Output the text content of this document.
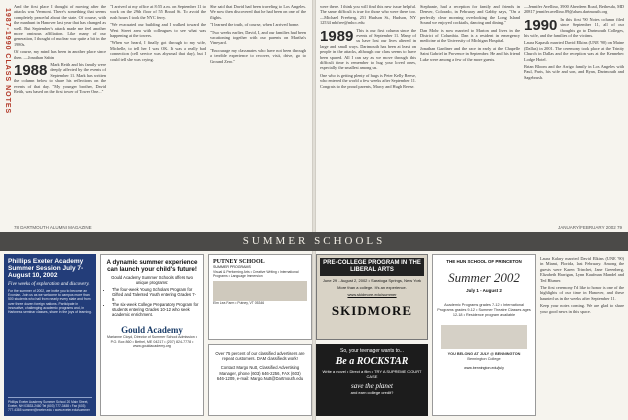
1987-1990 CLASS NOTES

And the first place I thought of moving after the attacks was Vermont. There's something that seems completely peaceful about the state. Of course, with the manhunt in Hanover last year that has changed as well. But September's attack made me feel another more ominous affiliation. Like many of our generation, I thought of nuclear war quite a bit in the 1980s.

Of course, my mind has been in another place since then. —Jonathan Sabin

1988 Mark Reith and his family were deeply affected by the events of September 11. Mark has written the column below to share his reflections on the events of that day. "My younger brother, David Reith, was based on the first tower of Tower One..."

"I arrived at my office at 8:55 a.m. on September 11 to work on the 29th floor of 55 Broad St. To avoid the rush hours I took the NYC ferry.

"We evacuated our building and I walked toward the West Street area with colleagues to see what was happening at the towers.

"When we heard, I finally got through to my wife, Michelle, to tell her I was OK. It was a really bad connection (cell service was abysmal that day), but I could tell she was crying.

She said that David had been traveling to Los Angeles. We now then discovered that he had been on one of the flights.

"I learned the truth, of course, when I arrived home.

"Two weeks earlier, David, I, and our families had been vacationing together with our parents on Martha's Vineyard.

"Encourage my classmates who have not been through a terrible experience to recover, visit, drive, go to Ground Zero."

78 DARTMOUTH ALUMNI MAGAZINE

were there. I think you will find this new issue helpful. The same difficult is true for those who were there too. —Michael Freeberg, 251 Hudson St., Hudson, NY 12534 mbfree@mhcc.edu

1989 This is our first column since the events of September 11. Many of us have lost our lives altered in large and small ways. Dartmouth has been at least on people in the attacks, although our class seems to have been spared. All I can say as we move through this difficult time is remember to hug your loved ones, especially the smallest among us.

One who is getting plenty of hugs is Peter Kelly Reese, who entered the world a few weeks after September 11. Congrats to the proud parents, Marcy and Hugh Reese.

Stephanie, had a reception for family and friends in Denver, Colorado, in February and Gabby says, "On a perfectly clear morning overlooking the Long Island Sound we enjoyed cocktails, dancing and dining."

Dan Mohr is now married to Marion and lives in the District of Columbia. Dan is a resident in emergency medicine at the University of Michigan Hospital.

Jonathan Gardiner and the race in early at the Chapelle Saint Gabriel in Provence in September. He and his friend Luke were among a few of the more guests.

—Jennifer Avellino, 3900 Aberdeen Road, Bethesda, MD 20817 jennifer.avellino.89@alum.dartmouth.org

1990 In this first '90 Notes column filed since September 11, all of our thoughts go to Dartmouth Colleges, his wife, and the families of the victims.

Laura Kapasik married David Elkins (UNE '90) on Maine (Dallas) in 2001. The ceremony took place at the Trinity Church in Dallas and the reception was at the Kennebec Lodge Hotel.

Brian Bloom and the Arrigo family in Los Angeles with Paul, Paris, his wife and son, and Ryan, Dartmouth and Sagebrush.

JANUARY/FEBRUARY 2002 79
SUMMER SCHOOLS
Phillips Exeter Academy
Summer Session July 7-August 10, 2002
Five weeks of exploration and discovery.
For the summer of 2002, we invite you to become an Exonian. Join us as we welcome to campus more than 500 students who hail from nearly every state and from over three dozen foreign nations. Participate in innovative, challenging academic programs and, in Harkness seminar classes, share in the joys of learning.
Phillips Exeter Academy Summer School 20 Main Street, Exeter, NH 03833-2460 Tel (603) 777-3488 • Fax (603) 777-4385 summer@exeter.edu • www.exeter.edu/summer
A dynamic summer experience can launch your child's future!
Gould Academy Summer Schools offers two unique programs:
• The four-week Young Scholars Program for Gifted and Talented Youth entering Grades 7-9.
• The six-week College Preparatory Program for students entering Grades 10-12 who seek academic enrichment.
Gould Academy
Marianne Cloyd, Director of Summer School Admission • P.O. Box 860 • Bethel, ME 04217 • (207) 824-7778 • www.gouldacademy.org
PUTNEY SCHOOL
SUMMER PROGRAMS
Visual & Performing Arts • Creative Writing • International Programs • Language Immersion
Elm Lea Farm • Putney, VT 05346
Over 75 percent of our classified advertisers are repeat customers. DAM classifieds work!
Contact Margo Nutt, Classified Advertising Manager, phone (603) 646-2256, FAX (603) 646-1209, e-mail: Margo.Nutt@Dartmouth.edu
PRE-COLLEGE PROGRAM IN THE LIBERAL ARTS
June 29 - August 2, 2002 • Saratoga Springs, New York
More than a college. It's an experience.
www.skidmore.edu/summer
SKIDMORE
So, your teenager wants to...
Be a ROCKSTAR
Write a novel • Direct a film • TRY A SUPREME COURT CASE
save the planet
and earn college credit?
THE HUN SCHOOL OF PRINCETON
Summer 2002
July 1 - August 2
Academic Programs grades 7-12 • International Programs grades 9-12 • Summer Theatre Classes ages 12-18 • Residence program available
YOU BELONG AT JULY @ BENNINGTON
Bennington College
www.bennington.edu/july

Laura Kalary married David Elkins (UNE '90) in Miami, Florida, last February. Among the guests were Karen Trinchet, Jane Greenberg, Elizabeth Harrigan, Lynn Kaufman Mandel and Ted Blumer.

The first ceremony I'd like to honor is one of the highlights of our time in Hanover, and these haunted us in the weeks after September 11.

Keep your notes coming. We are glad to share your good news in this space.
